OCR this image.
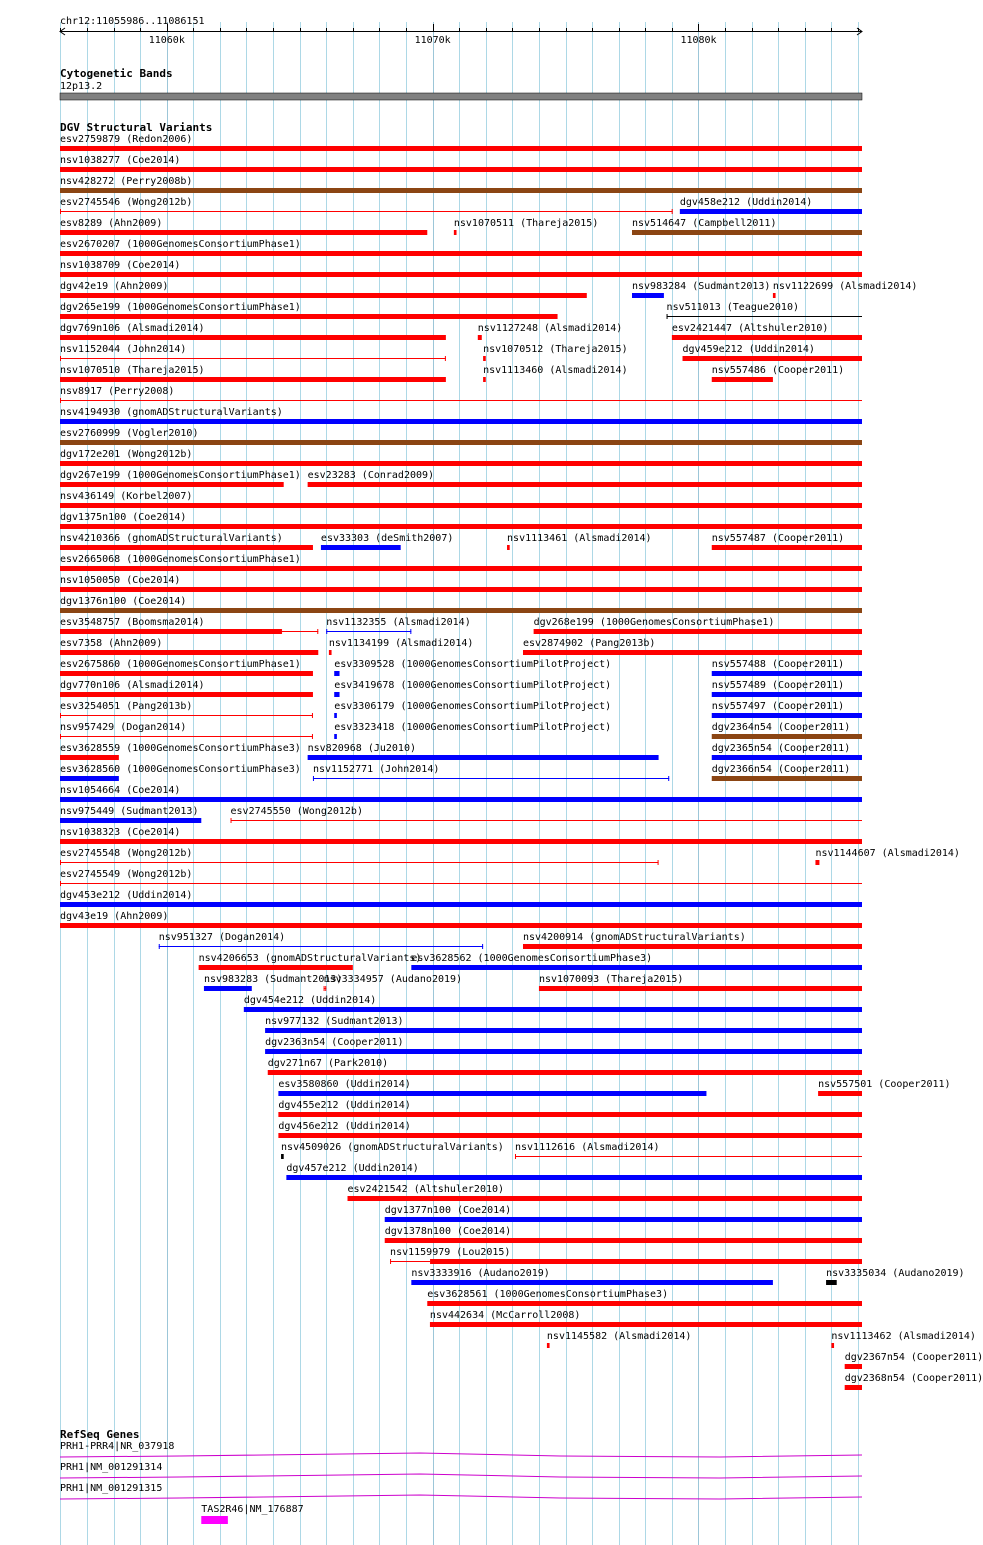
chr12:11055986..11086151
11060k	11070k	11080k
Cytogenetic Bands
12p13.2
DGV Structural Variants
esv2759879 (Redon2006)
nsv1038277 (Coe2014)
nsv428272 (Perry2008b)
esv2745546 (Wong2012b)	dgv458e212 (Uddin2014)
esv8289 (Ahn2009)	nsv1070511 (Thareja2015)	nsv514647 (Campbell2011)
esv2670207 (1000GenomesConsortiumPhase1)
nsv1038709 (Coe2014)
dgv42e19 (Ahn2009)	nsv983284 (Sudmant2013) nsv1122699 (Alsmadi2014)
dgv265e199 (1000GenomesConsortiumPhase1)	nsv511013 (Teague2010)
dgv769n106 (Alsmadi2014)	nsv1127248 (Alsmadi2014)	esv2421447 (Altshuler2010)
nsv1152044 (John2014)	nsv1070512 (Thareja2015)	dgv459e212 (Uddin2014)
nsv1070510 (Thareja2015)	nsv1113460 (Alsmadi2014)	nsv557486 (Cooper2011)
nsv8917 (Perry2008)
nsv4194930 (gnomADStructuralVariants)
esv2760999 (Vogler2010)
dgv172e201 (Wong2012b)
dgv267e199 (1000GenomesConsortiumPhase1) esv23283 (Conrad2009)
nsv436149 (Korbel2007)
dgv1375n100 (Coe2014)
nsv4210366 (gnomADStructuralVariants)	esv33303 (deSmith2007)	nsv1113461 (Alsmadi2014)	nsv557487 (Cooper2011)
esv2665068 (1000GenomesConsortiumPhase1)
nsv1050050 (Coe2014)
dgv1376n100 (Coe2014)
esv3548757 (Boomsma2014)	nsv1132355 (Alsmadi2014)	dgv268e199 (1000GenomesConsortiumPhase1)
esv7358 (Ahn2009)	nsv1134199 (Alsmadi2014)	esv2874902 (Pang2013b)
esv2675860 (1000GenomesConsortiumPhase1)	esv3309528 (1000GenomesConsortiumPilotProject)	nsv557488 (Cooper2011)
dgv770n106 (Alsmadi2014)	esv3419678 (1000GenomesConsortiumPilotProject)	nsv557489 (Cooper2011)
esv3254051 (Pang2013b)	esv3306179 (1000GenomesConsortiumPilotProject)	nsv557497 (Cooper2011)
nsv957429 (Dogan2014)	esv3323418 (1000GenomesConsortiumPilotProject)	dgv2364n54 (Cooper2011)
esv3628559 (1000GenomesConsortiumPhase3) nsv820968 (Ju2010)	dgv2365n54 (Cooper2011)
esv3628560 (1000GenomesConsortiumPhase3) nsv1152771 (John2014)	dgv2366n54 (Cooper2011)
nsv1054664 (Coe2014)
nsv975449 (Sudmant2013)	esv2745550 (Wong2012b)
nsv1038323 (Coe2014)
esv2745548 (Wong2012b)	nsv1144607 (Alsmadi2014)
esv2745549 (Wong2012b)
dgv453e212 (Uddin2014)
dgv43e19 (Ahn2009)
nsv951327 (Dogan2014)	nsv4200914 (gnomADStructuralVariants)
nsv4206653 (gnomADStructuralVariants)
esv3628562 (1000GenomesConsortiumPhase3)
nsv983283 (Sudmant2013)
nsv3334957 (Audano2019)	nsv1070093 (Thareja2015)
dgv454e212 (Uddin2014)
nsv977132 (Sudmant2013)
dgv2363n54 (Cooper2011)
dgv271n67 (Park2010)
esv3580860 (Uddin2014)	nsv557501 (Cooper2011)
dgv455e212 (Uddin2014)
dgv456e212 (Uddin2014)
nsv4509026 (gnomADStructuralVariants) nsv1112616 (Alsmadi2014)
dgv457e212 (Uddin2014)
esv2421542 (Altshuler2010)
dgv1377n100 (Coe2014)
dgv1378n100 (Coe2014)
nsv1159979 (Lou2015)
nsv3333916 (Audano2019)	nsv3335034 (Audano2019)
esv3628561 (1000GenomesConsortiumPhase3)
nsv442634 (McCarroll2008)
nsv1145582 (Alsmadi2014)	nsv1113462 (Alsmadi2014)
dgv2367n54 (Cooper2011)
dgv2368n54 (Cooper2011)
RefSeq Genes
PRH1-PRR4|NR_037918
PRH1|NM_001291314
PRH1|NM_001291315
TAS2R46|NM_176887
